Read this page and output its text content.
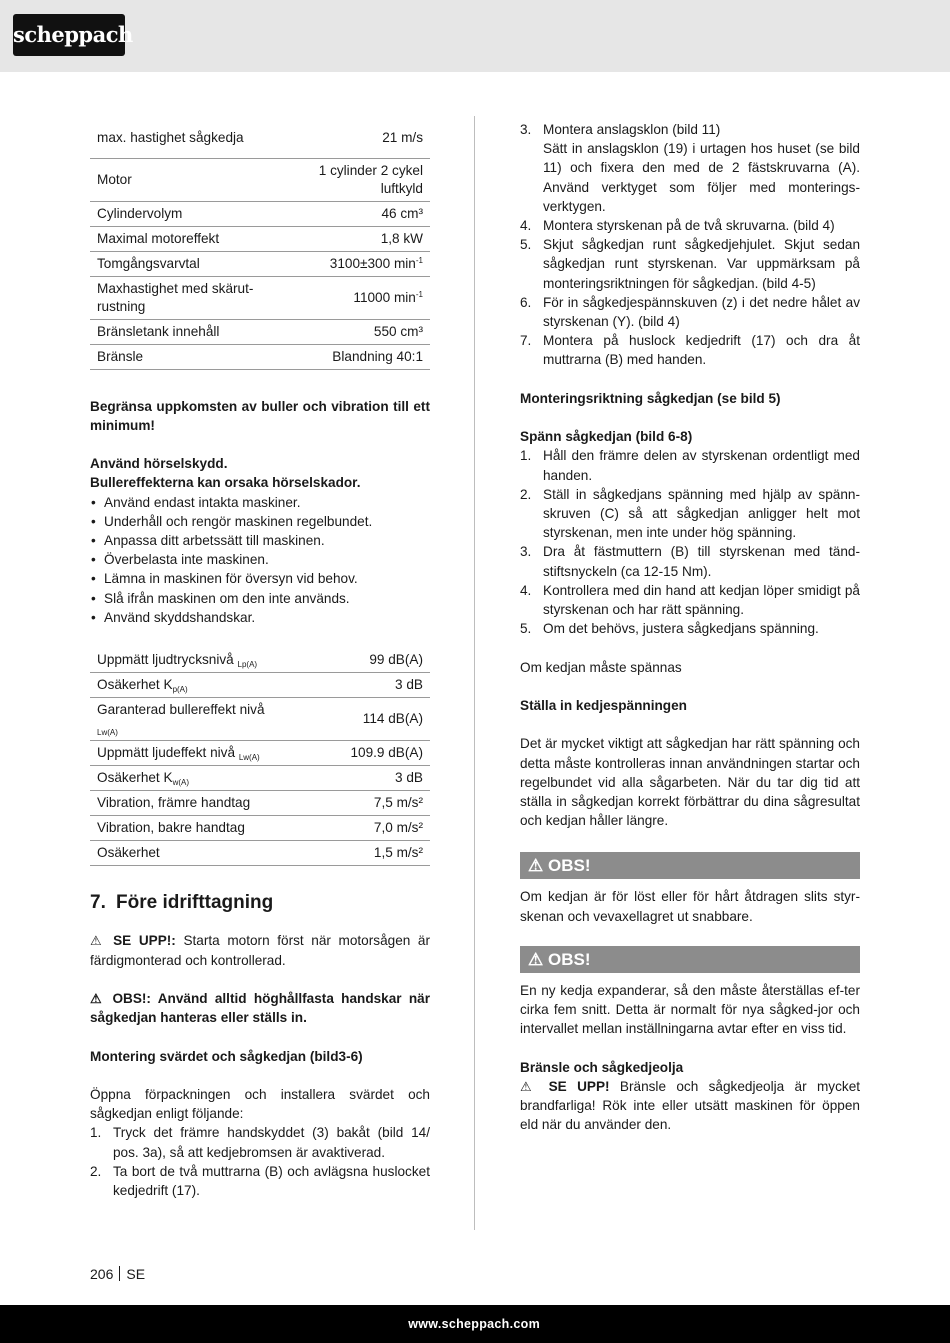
scheppach
max. hastighet sågkedja	21 m/s
Motor	1 cylinder 2 cykel luftkyld
Cylindervolym	46 cm³
Maximal motoreffekt	1,8 kW
Tomgångsvarvtal	3100±300 $\min^{-1}$
Maxhastighet med skärut-rustning	11000 $\min^{-1}$
Bränsletank innehåll	550 cm³
Bränsle	Blandning 40:1

Begränsa uppkomsten av buller och vibration till ett minimum!

Använd hörselskydd.

Bullereffekterna kan orsaka hörselskador.

• Använd endast intakta maskiner.
• Underhåll och rengör maskinen regelbundet.
• Anpassa ditt arbetssätt till maskinen.
• Överbelasta inte maskinen.
• Lämna in maskinen för översyn vid behov.
• Slå ifrån maskinen om den inte används.
• Använd skyddshandskar.
Uppmätt ljudtrycksnivå $_{Lp(A)}$	99 dB(A)
Osäkerhet $K_{p(A)}$	3 dB
Garanterad bullereffekt nivå $_{Lw(A)}$	114 dB(A)
Uppmätt ljudeffekt nivå $_{Lw(A)}$	109.9 dB(A)
Osäkerhet $K_{w(A)}$	3 dB
Vibration, främre handtag	7,5 m/s²
Vibration, bakre handtag	7,0 m/s²
Osäkerhet	1,5 m/s²
7. Före idrifttagning

⚠ SE UPP!: Starta motorn först när motorsågen är färdigmonterad och kontrollerad.

⚠ OBS!: Använd alltid höghållfasta handskar när sågkedjan hanteras eller ställs in.

Montering svärdet och sågkedjan (bild3-6)

Öppna förpackningen och installera svärdet och sågkedjan enligt följande:

1. Tryck det främre handskyddet (3) bakåt (bild 14/ pos. 3a), så att kedjebromsen är avaktiverad.
2. Ta bort de två muttrarna (B) och avlägsna huslocket kedjedrift (17).
3. Montera anslagsklon (bild 11)
Sätt in anslagsklon (19) i urtagen hos huset (se bild 11) och fixera den med de 2 fästskruvarna (A). Använd verktyget som följer med monterings-verktygen.
4. Montera styrskenan på de två skruvarna. (bild 4)
5. Skjut sågkedjan runt sågkedjehjulet. Skjut sedan sågkedjan runt styrskenan. Var uppmärksam på monteringsriktningen för sågkedjan. (bild 4-5)
6. För in sågkedjespännskuven (z) i det nedre hålet av styrskenan (Y). (bild 4)
7. Montera på huslock kedjedrift (17) och dra åt muttrarna (B) med handen.

Monteringsriktning sågkedjan (se bild 5)

Spänn sågkedjan (bild 6-8)

1. Håll den främre delen av styrskenan ordentligt med handen.
2. Ställ in sågkedjans spänning med hjälp av spänn-skruven (C) så att sågkedjan anligger helt mot styrskenan, men inte under hög spänning.
3. Dra åt fästmuttern (B) till styrskenan med tänd-stiftsnyckeln (ca 12-15 Nm).
4. Kontrollera med din hand att kedjan löper smidigt på styrskenan och har rätt spänning.
5. Om det behövs, justera sågkedjans spänning.

Om kedjan måste spännas

Ställa in kedjespänningen

Det är mycket viktigt att sågkedjan har rätt spänning och detta måste kontrolleras innan användningen startar och regelbundet vid alla sågarbeten. När du tar dig tid att ställa in sågkedjan korrekt förbättrar du dina sågresultat och kedjan håller längre.

⚠ OBS!

Om kedjan är för löst eller för hårt åtdragen slits styr-skenan och vevaxellagret ut snabbare.

⚠ OBS!

En ny kedja expanderar, så den måste återställas ef-ter cirka fem snitt. Detta är normalt för nya sågked-jor och intervallet mellan inställningarna avtar efter en viss tid.

Bränsle och sågkedjeolja

⚠ SE UPP! Bränsle och sågkedjeolja är mycket brandfarliga! Rök inte eller utsätt maskinen för öppen eld när du använder den.

206 SE
www.scheppach.com
